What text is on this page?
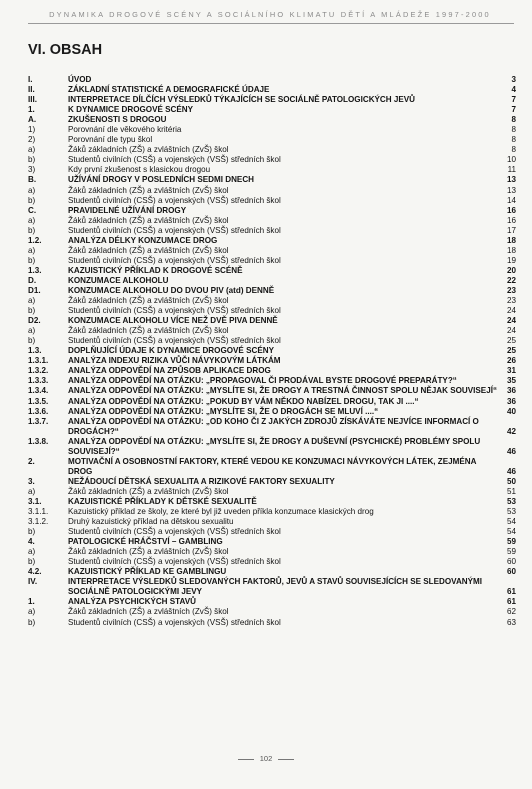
DYNAMIKA DROGOVÉ SCÉNY A SOCIÁLNÍHO KLIMATU DĚTÍ A MLÁDEŽE 1997-2000
VI. OBSAH
I.	ÚVOD	3
II.	ZÁKLADNÍ STATISTICKÉ A DEMOGRAFICKÉ ÚDAJE	4
III.	INTERPRETACE DÍLČÍCH VÝSLEDKŮ TÝKAJÍCÍCH SE SOCIÁLNĚ PATOLOGICKÝCH JEVŮ	7
1.	K DYNAMICE DROGOVÉ SCÉNY	7
A.	ZKUŠENOSTI S DROGOU	8
1)	Porovnání dle věkového kritéria	8
2)	Porovnání dle typu škol	8
a)	Žáků základních (ZŠ) a zvláštních (ZvŠ) škol	8
b)	Studentů civilních (CSŠ) a vojenských (VSŠ) středních škol	10
3)	Kdy první zkušenost s klasickou drogou	11
B.	UŽÍVÁNÍ DROGY V POSLEDNÍCH SEDMI DNECH	13
a)	Žáků základních (ZŠ) a zvláštních (ZvŠ) škol	13
b)	Studentů civilních (CSŠ) a vojenských (VSŠ) středních škol	14
C.	PRAVIDELNÉ UŽÍVÁNÍ DROGY	16
a)	Žáků základních (ZŠ) a zvláštních (ZvŠ) škol	16
b)	Studentů civilních (CSŠ) a vojenských (VSŠ) středních škol	17
1.2.	ANALÝZA DÉLKY KONZUMACE DROG	18
a)	Žáků základních (ZŠ) a zvláštních (ZvŠ) škol	18
b)	Studentů civilních (CSŠ) a vojenských (VSŠ) středních škol	19
1.3.	KAZUISTICKÝ PŘÍKLAD K DROGOVÉ SCÉNĚ	20
D.	KONZUMACE ALKOHOLU	22
D1.	KONZUMACE ALKOHOLU DO DVOU PIV (atd) DENNĚ	23
a)	Žáků základních (ZŠ) a zvláštních (ZvŠ) škol	23
b)	Studentů civilních (CSŠ) a vojenských (VSŠ) středních škol	24
D2.	KONZUMACE ALKOHOLU VÍCE NEŽ DVĚ PIVA DENNĚ	24
a)	Žáků základních (ZŠ) a zvláštních (ZvŠ) škol	24
b)	Studentů civilních (CSŠ) a vojenských (VSŠ) středních škol	25
1.3.	DOPLŇUJÍCÍ ÚDAJE K DYNAMICE DROGOVÉ SCÉNY	25
1.3.1. ANALÝZA INDEXU RIZIKA VŮČI NÁVYKOVÝM LÁTKÁM	26
1.3.2. ANALÝZA ODPOVĚDÍ NA ZPŮSOB APLIKACE DROG	31
1.3.3. ANALÝZA ODPOVĚDÍ NA OTÁZKU: „PROPAGOVAL ČI PRODÁVAL BYSTE DROGOVÉ PREPARÁTY?“	35
1.3.4. ANALÝZA ODPOVĚDÍ NA OTÁZKU: „MYSLÍTE SI, ŽE DROGY A TRESTNÁ ČINNOST SPOLU NĚJAK SOUVISEJÍ“	36
1.3.5. ANALÝZA ODPOVĚDÍ NA OTÁZKU: „POKUD BY VÁM NĚKDO NABÍZEL DROGU, TAK JI ....“	36
1.3.6. ANALÝZA ODPOVĚDÍ NA OTÁZKU: „MYSLÍTE SI, ŽE O DROGÁCH SE MLUVÍ ....“	40
1.3.7. ANALÝZA ODPOVĚDÍ NA OTÁZKU: „OD KOHO ČI Z JAKÝCH ZDROJŮ ZÍSKÁVÁTE NEJVÍCE INFORMACÍ O DROGÁCH?“	42
1.3.8. ANALÝZA ODPOVĚDÍ NA OTÁZKU: „MYSLÍTE SI, ŽE DROGY A DUŠEVNÍ (PSYCHICKÉ) PROBLÉMY SPOLU SOUVISEJÍ?“	46
2.	MOTIVAČNÍ A OSOBNOSTNÍ FAKTORY, KTERÉ VEDOU KE KONZUMACI NÁVYKOVÝCH LÁTEK, ZEJMÉNA DROG	46
3.	NEŽÁDOUCÍ DĚTSKÁ SEXUALITA A RIZIKOVÉ FAKTORY SEXUALITY	50
a)	Žáků základních (ZŠ) a zvláštních (ZvŠ) škol	51
3.1.	KAZUISTICKÉ PŘÍKLADY K DĚTSKÉ SEXUALITĚ	53
3.1.1. Kazuistický příklad ze školy, ze které byl již uveden příkla konzumace klasických drog	53
3.1.2. Druhý kazuistický příklad na dětskou sexualitu	54
b)	Studentů civilních (CSŠ) a vojenských (VSŠ) středních škol	54
4.	PATOLOGICKÉ HRÁČSTVÍ – GAMBLING	59
a)	Žáků základních (ZŠ) a zvláštních (ZvŠ) škol	59
b)	Studentů civilních (CSŠ) a vojenských (VSŠ) středních škol	60
4.2.	KAZUISTICKÝ PŘÍKLAD KE GAMBLINGU	60
IV.	INTERPRETACE VÝSLEDKŮ SLEDOVANÝCH FAKTORŮ, JEVŮ A STAVŮ SOUVISEJÍCÍCH SE SLEDOVANÝMI SOCIÁLNĚ PATOLOGICKÝMI JEVY	61
1.	ANALÝZA PSYCHICKÝCH STAVŮ	61
a)	Žáků základních (ZŠ) a zvláštních (ZvŠ) škol	62
b)	Studentů civilních (CSŠ) a vojenských (VSŠ) středních škol	63
102
